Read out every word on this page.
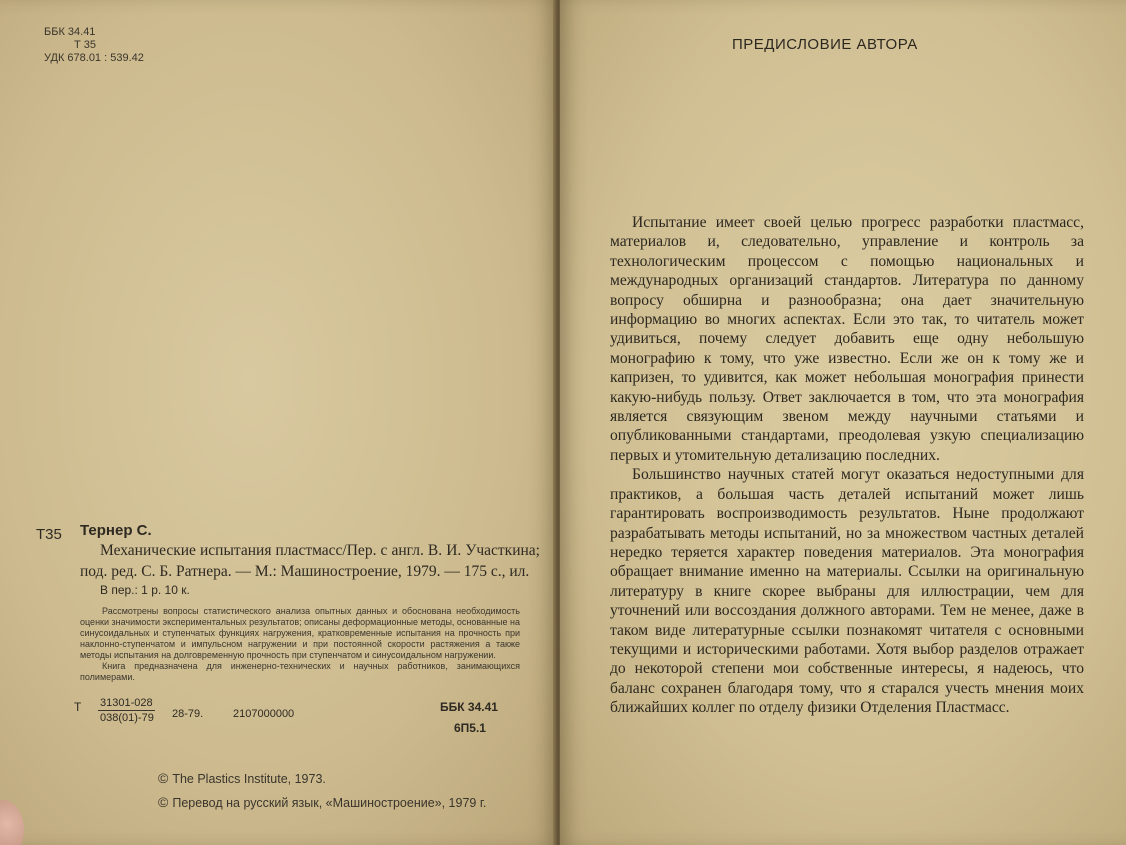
ББК 34.41
Т 35
УДК 678.01 : 539.42
Т35 Тернер С.
Механические испытания пластмасс/Пер. с англ. В. И. Участкина; под. ред. С. Б. Ратнера. — М.: Машиностроение, 1979. — 175 с., ил.
В пер.: 1 р. 10 к.

Рассмотрены вопросы статистического анализа опытных данных и обоснована необходимость оценки значимости экспериментальных результатов; описаны деформационные методы, основанные на синусоидальных и ступенчатых функциях нагружения, кратковременные испытания на прочность при наклонно-ступенчатом и импульсном нагружении и при постоянной скорости растяжения а также методы испытания на долговременную прочность при ступенчатом и синусоидальном нагружении.

Книга предназначена для инженерно-технических и научных работников, занимающихся полимерами.

Т $\frac{31301-028}{038(01)-79} 28-79$.	2107000000	ББК 34.41
6П5.1
© The Plastics Institute, 1973.
© Перевод на русский язык, «Машиностроение», 1979 г.
ПРЕДИСЛОВИЕ АВТОРА

Испытание имеет своей целью прогресс разработки пластмасс, материалов и, следовательно, управление и контроль за технологическим процессом с помощью национальных и международных организаций стандартов. Литература по данному вопросу обширна и разнообразна; она дает значительную информацию во многих аспектах. Если это так, то читатель может удивиться, почему следует добавить еще одну небольшую монографию к тому, что уже известно. Если же он к тому же и капризен, то удивится, как может небольшая монография принести какую-нибудь пользу. Ответ заключается в том, что эта монография является связующим звеном между научными статьями и опубликованными стандартами, преодолевая узкую специализацию первых и утомительную детализацию последних.

Большинство научных статей могут оказаться недоступными для практиков, а большая часть деталей испытаний может лишь гарантировать воспроизводимость результатов. Ныне продолжают разрабатывать методы испытаний, но за множеством частных деталей нередко теряется характер поведения материалов. Эта монография обращает внимание именно на материалы. Ссылки на оригинальную литературу в книге скорее выбраны для иллюстрации, чем для уточнений или воссоздания должного авторами. Тем не менее, даже в таком виде литературные ссылки познакомят читателя с основными текущими и историческими работами. Хотя выбор разделов отражает до некоторой степени мои собственные интересы, я надеюсь, что баланс сохранен благодаря тому, что я старался учесть мнения моих ближайших коллег по отделу физики Отделения Пластмасс.
